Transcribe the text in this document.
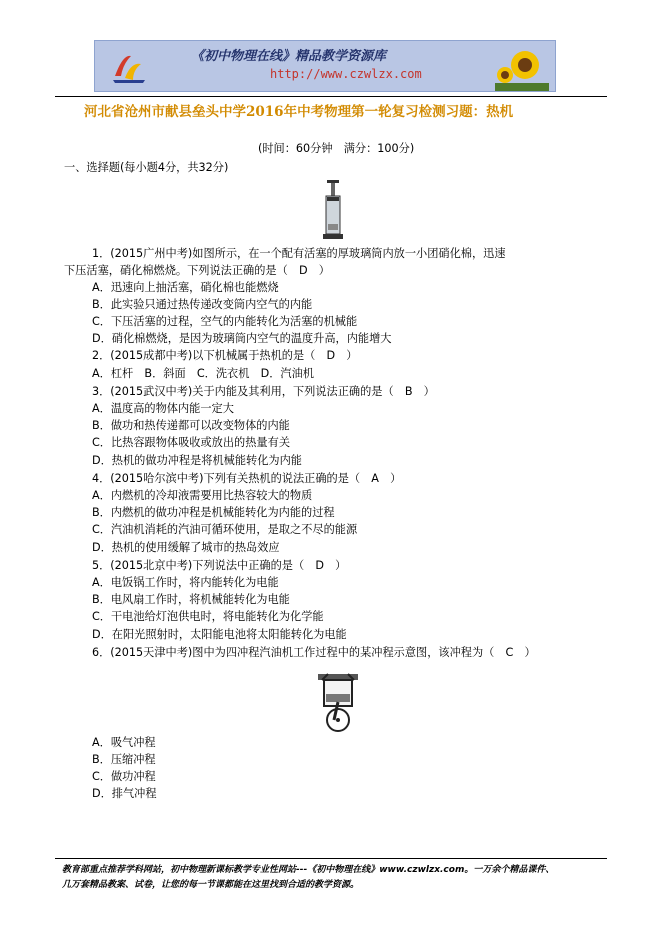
《初中物理在线》精品教学资源库
http://www.czwlzx.com
河北省沧州市献县垒头中学2016年中考物理第一轮复习检测习题：热机
(时间：60分钟　满分：100分)
一、选择题(每小题4分，共32分)
1．(2015广州中考)如图所示，在一个配有活塞的厚玻璃筒内放一小团硝化棉，迅速
下压活塞，硝化棉燃烧。下列说法正确的是（　D　）
A．迅速向上抽活塞，硝化棉也能燃烧
B．此实验只通过热传递改变筒内空气的内能
C．下压活塞的过程，空气的内能转化为活塞的机械能
D．硝化棉燃烧，是因为玻璃筒内空气的温度升高，内能增大
2．(2015成都中考)以下机械属于热机的是（　D　）
A．杠杆　B．斜面　C．洗衣机　D．汽油机
3．(2015武汉中考)关于内能及其利用，下列说法正确的是（　B　）
A．温度高的物体内能一定大
B．做功和热传递都可以改变物体的内能
C．比热容跟物体吸收或放出的热量有关
D．热机的做功冲程是将机械能转化为内能
4．(2015哈尔滨中考)下列有关热机的说法正确的是（　A　）
A．内燃机的冷却液需要用比热容较大的物质
B．内燃机的做功冲程是机械能转化为内能的过程
C．汽油机消耗的汽油可循环使用，是取之不尽的能源
D．热机的使用缓解了城市的热岛效应
5．(2015北京中考)下列说法中正确的是（　D　）
A．电饭锅工作时，将内能转化为电能
B．电风扇工作时，将机械能转化为电能
C．干电池给灯泡供电时，将电能转化为化学能
D．在阳光照射时，太阳能电池将太阳能转化为电能
6．(2015天津中考)图中为四冲程汽油机工作过程中的某冲程示意图，该冲程为（　C　）
A．吸气冲程
B．压缩冲程
C．做功冲程
D．排气冲程
教育部重点推荐学科网站，初中物理新课标教学专业性网站---《初中物理在线》www.czwlzx.com。一万余个精品课件、
几万套精品教案、试卷，让您的每一节课都能在这里找到合适的教学资源。
